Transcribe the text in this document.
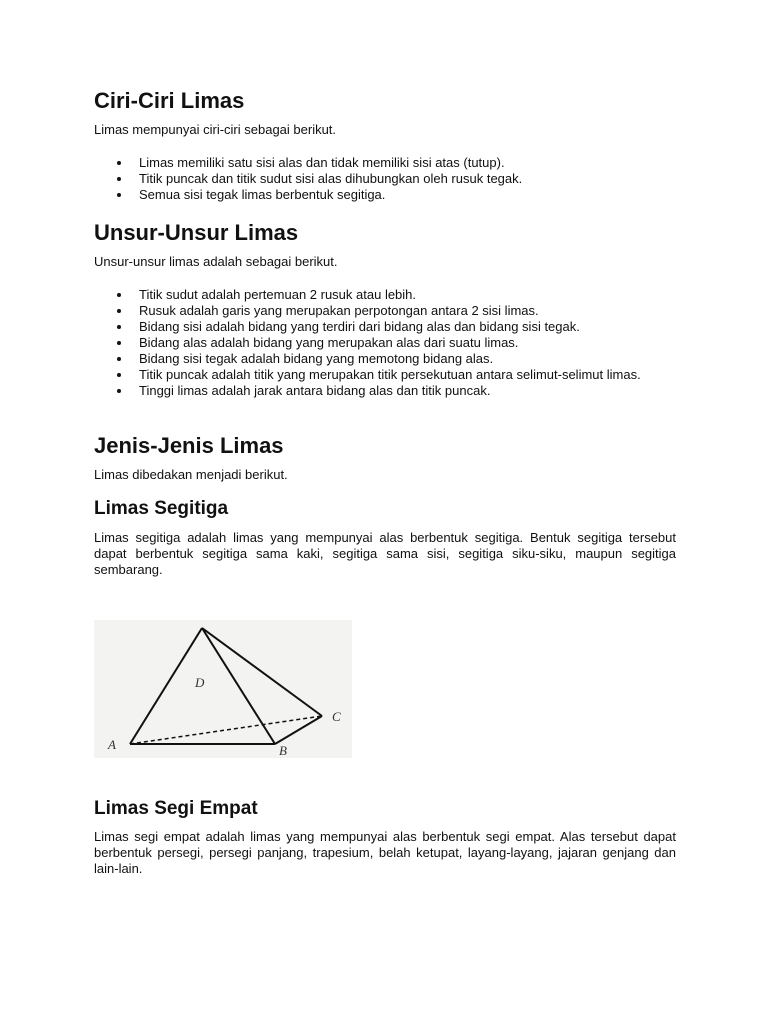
Ciri-Ciri Limas

Limas mempunyai ciri-ciri sebagai berikut.

Limas memiliki satu sisi alas dan tidak memiliki sisi atas (tutup).
Titik puncak dan titik sudut sisi alas dihubungkan oleh rusuk tegak.
Semua sisi tegak limas berbentuk segitiga.
Unsur-Unsur Limas

Unsur-unsur limas adalah sebagai berikut.

Titik sudut adalah pertemuan 2 rusuk atau lebih.
Rusuk adalah garis yang merupakan perpotongan antara 2 sisi limas.
Bidang sisi adalah bidang yang terdiri dari bidang alas dan bidang sisi tegak.
Bidang alas adalah bidang yang merupakan alas dari suatu limas.
Bidang sisi tegak adalah bidang yang memotong bidang alas.
Titik puncak adalah titik yang merupakan titik persekutuan antara selimut-selimut limas.
Tinggi limas adalah jarak antara bidang alas dan titik puncak.
Jenis-Jenis Limas

Limas dibedakan menjadi berikut.

Limas Segitiga

Limas segitiga adalah limas yang mempunyai alas berbentuk segitiga. Bentuk segitiga tersebut dapat berbentuk segitiga sama kaki, segitiga sama sisi, segitiga siku-siku, maupun segitiga sembarang.

Limas Segi Empat

Limas segi empat adalah limas yang mempunyai alas berbentuk segi empat. Alas tersebut dapat berbentuk persegi, persegi panjang, trapesium, belah ketupat, layang-layang, jajaran genjang dan lain-lain.

D
A	B
C
